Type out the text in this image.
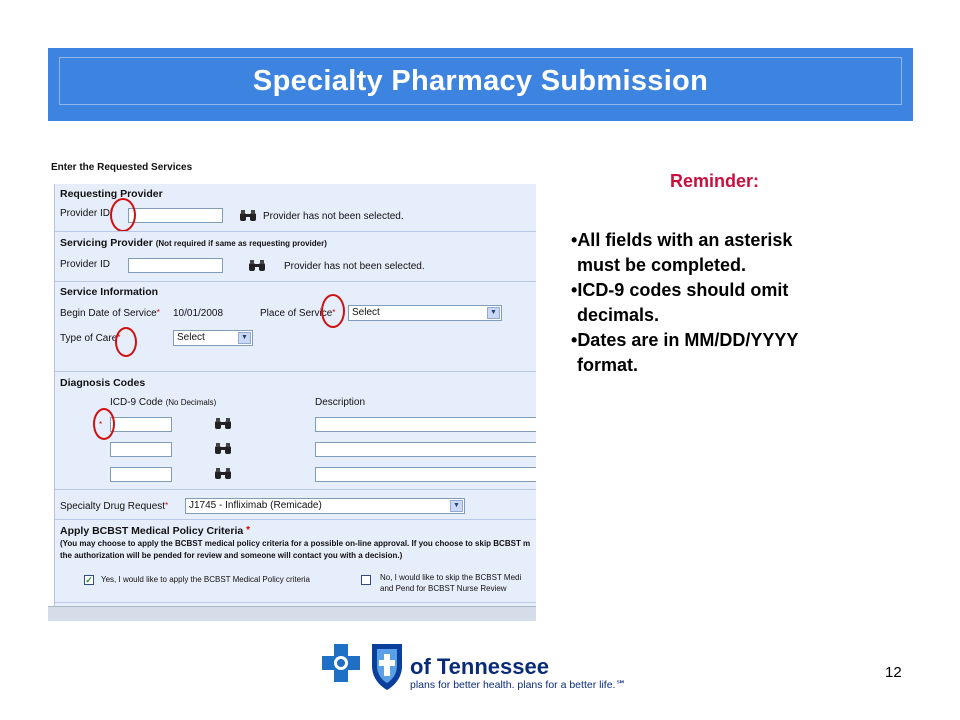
Specialty Pharmacy Submission
Enter the Requested Services
Requesting Provider
Provider ID*	Provider has not been selected.
Servicing Provider (Not required if same as requesting provider)
Provider ID	Provider has not been selected.
Service Information
Begin Date of Service* 10/01/2008	Place of Service*	Select	▼
Type of Care*	Select	▼
Diagnosis Codes
ICD-9 Code (No Decimals)	Description
*
Specialty Drug Request*	J1745 - Infliximab (Remicade)	▼
Apply BCBST Medical Policy Criteria *
(You may choose to apply the BCBST medical policy criteria for a possible on-line approval. If you choose to skip BCBST m
the authorization will be pended for review and someone will contact you with a decision.)
✓ Yes, I would like to apply the BCBST Medical Policy criteria	No, I would like to skip the BCBST Medi
and Pend for BCBST Nurse Review
Reminder:

•All fields with an asterisk
must be completed.

•ICD-9 codes should omit
decimals.

•Dates are in MM/DD/YYYY
format.

of Tennessee
plans for better health. plans for a better life.℠
12
